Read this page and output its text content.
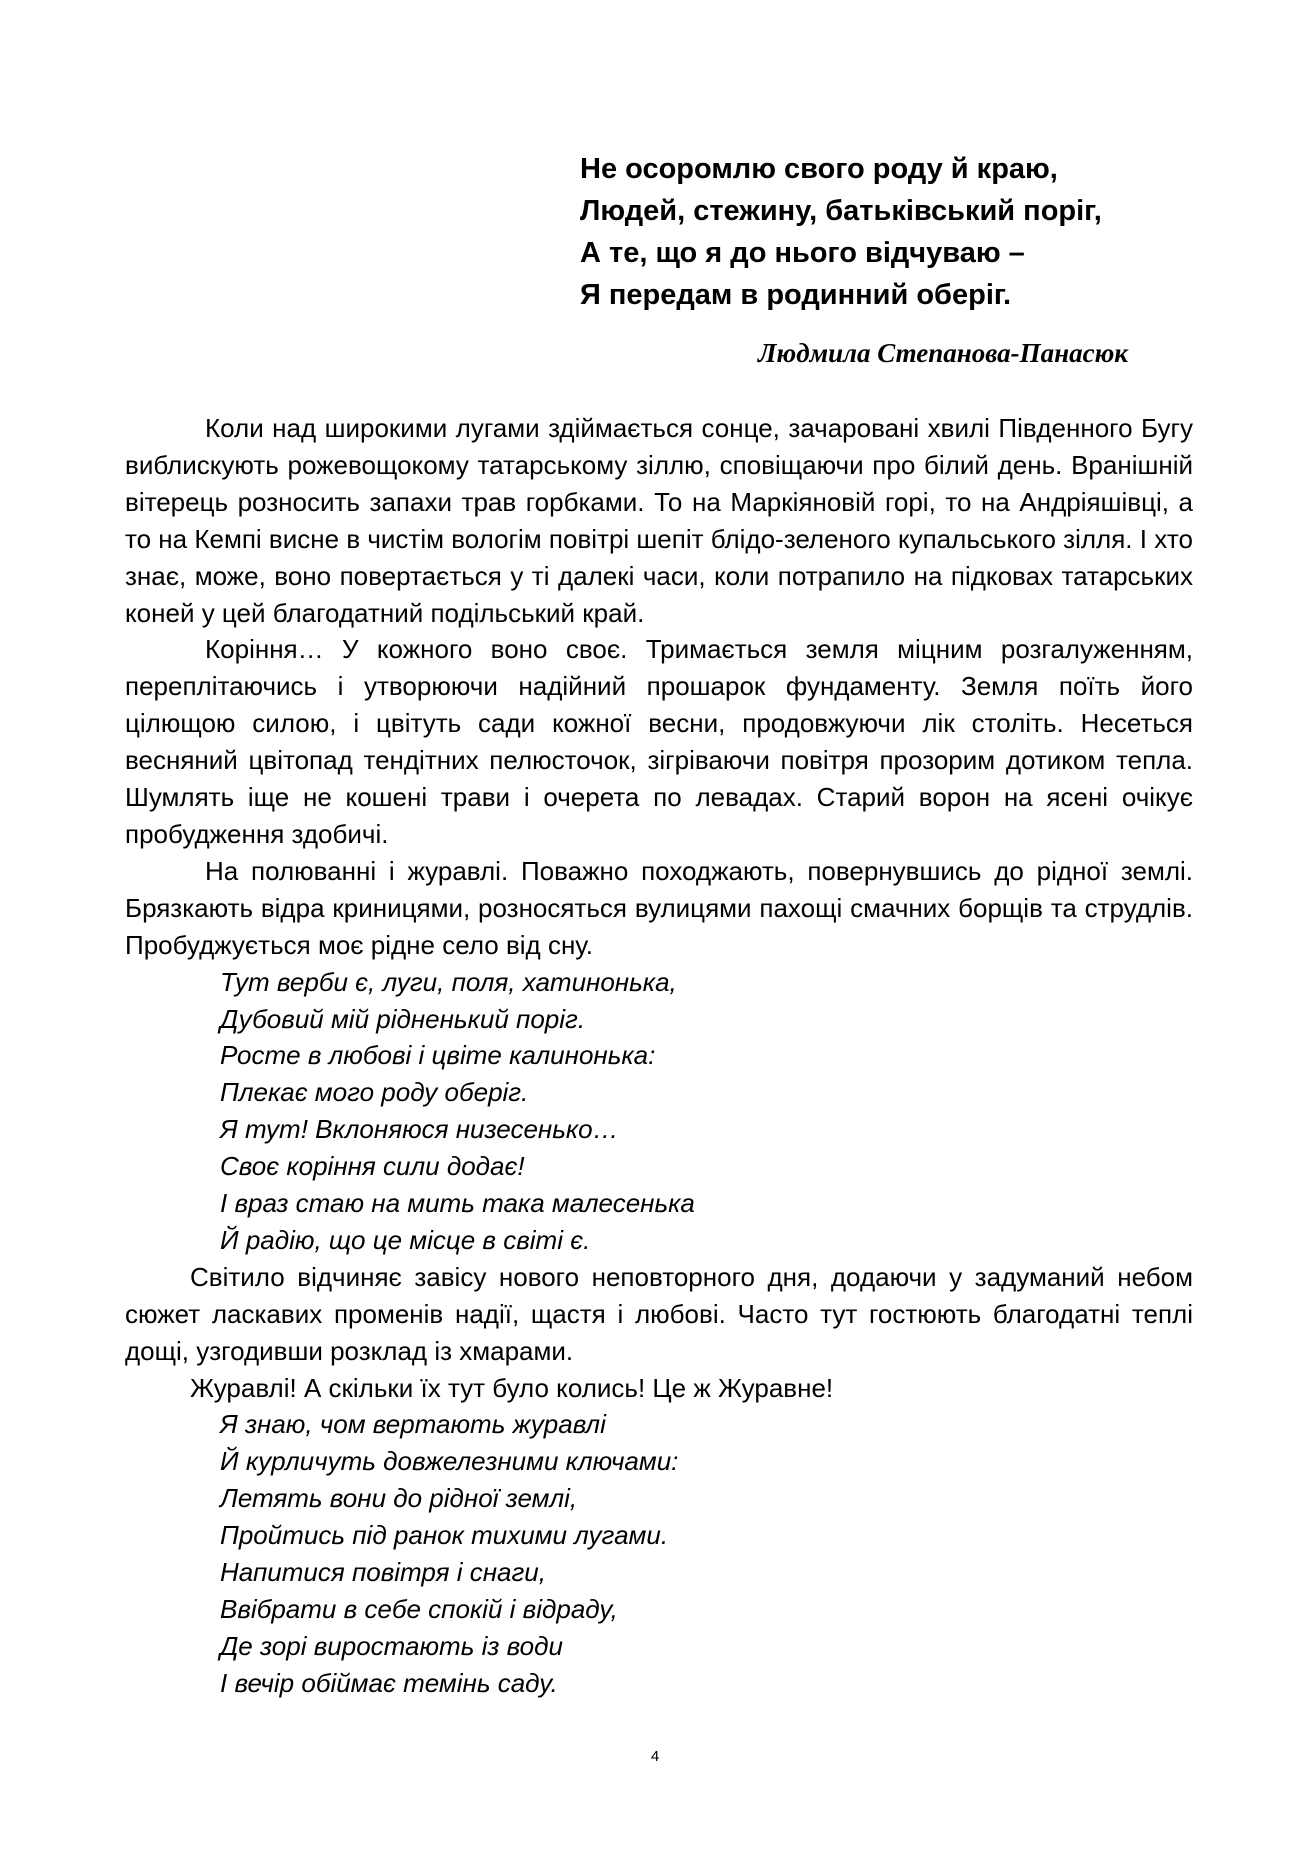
Не осоромлю свого роду й краю,
Людей, стежину, батьківський поріг,
А те, що я до нього відчуваю –
Я передам в родинний оберіг.
Людмила Степанова-Панасюк

Коли над широкими лугами здіймається сонце, зачаровані хвилі Південного Бугу виблискують рожевощокому татарському зіллю, сповіщаючи про білий день. Вранішній вітерець розносить запахи трав горбками. То на Маркіяновій горі, то на Андріяшівці, а то на Кемпі висне в чистім вологім повітрі шепіт блідо-зеленого купальського зілля. І хто знає, може, воно повертається у ті далекі часи, коли потрапило на підковах татарських коней у цей благодатний подільський край.

Коріння… У кожного воно своє. Тримається земля міцним розгалуженням, переплітаючись і утворюючи надійний прошарок фундаменту. Земля поїть його цілющою силою, і цвітуть сади кожної весни, продовжуючи лік століть. Несеться весняний цвітопад тендітних пелюсточок, зігріваючи повітря прозорим дотиком тепла. Шумлять іще не кошені трави і очерета по левадах. Старий ворон на ясені очікує пробудження здобичі.

На полюванні і журавлі. Поважно походжають, повернувшись до рідної землі. Брязкають відра криницями, розносяться вулицями пахощі смачних борщів та струдлів. Пробуджується моє рідне село від сну.

Тут верби є, луги, поля, хатинонька,
Дубовий мій рідненький поріг.
Росте в любові і цвіте калинонька:
Плекає мого роду оберіг.
Я тут! Вклоняюся низесенько…
Своє коріння сили додає!
І враз стаю на мить така малесенька
Й радію, що це місце в світі є.

Світило відчиняє завісу нового неповторного дня, додаючи у задуманий небом сюжет ласкавих променів надії, щастя і любові. Часто тут гостюють благодатні теплі дощі, узгодивши розклад із хмарами.

Журавлі! А скільки їх тут було колись! Це ж Журавне!

Я знаю, чом вертають журавлі
Й курличуть довжелезними ключами:
Летять вони до рідної землі,
Пройтись під ранок тихими лугами.
Напитися повітря і снаги,
Ввібрати в себе спокій і відраду,
Де зорі виростають із води
І вечір обіймає темінь саду.
4
